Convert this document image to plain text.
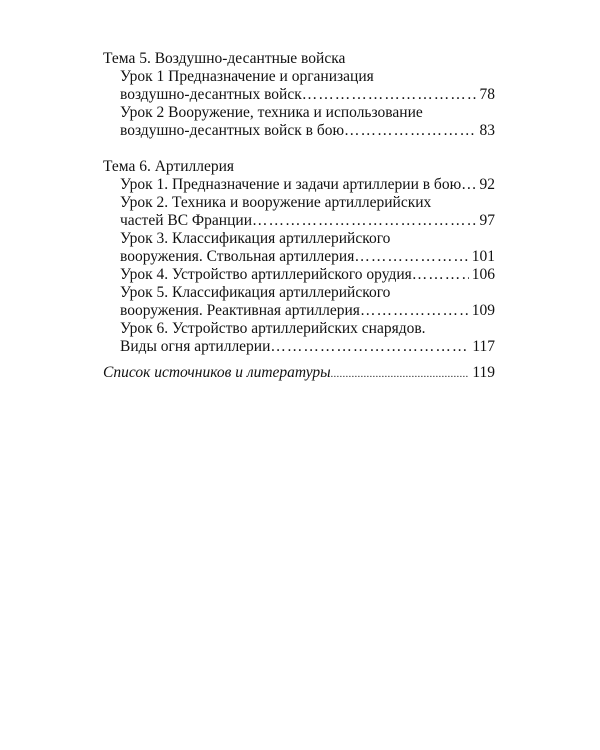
Тема 5. Воздушно-десантные войска
Урок 1 Предназначение и организация
воздушно-десантных войск ……………………………………………………………………………………………………………………	78
Урок 2 Вооружение, техника и использование
воздушно-десантных войск в бою ……………………………………………………………………………………………………………………	83
Тема 6. Артиллерия
Урок 1. Предназначение и задачи артиллерии в бою …………………………………………………………………………………………………………………… 92
Урок 2. Техника и вооружение артиллерийских
частей ВС Франции ……………………………………………………………………………………………………………………	97
Урок 3. Классификация артиллерийского
вооружения. Ствольная артиллерия ……………………………………………………………………………………………………………………	101
Урок 4. Устройство артиллерийского орудия ……………………………………………………………………………………………………………………	106
Урок 5. Классификация артиллерийского
вооружения. Реактивная артиллерия ……………………………………………………………………………………………………………………	109
Урок 6. Устройство артиллерийских снарядов.
Виды огня артиллерии ……………………………………………………………………………………………………………………	117
Список источников и литературы .....	119
